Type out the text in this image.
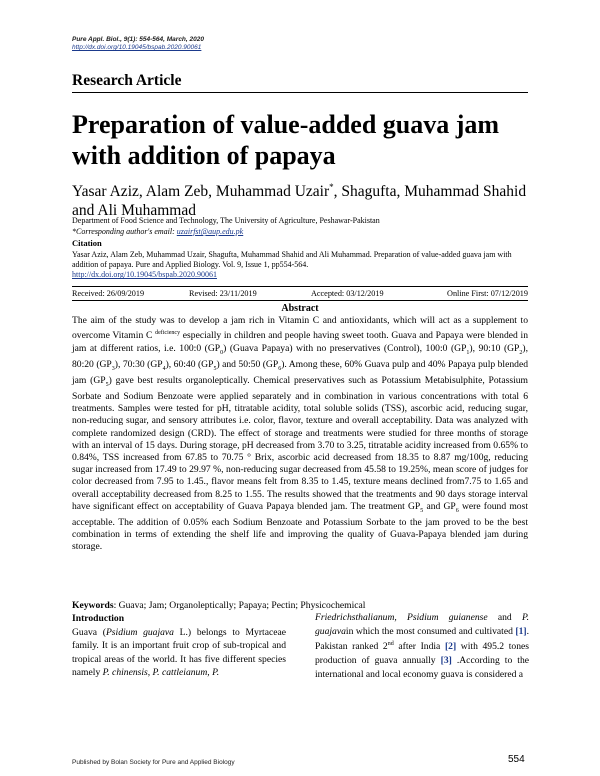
Pure Appl. Biol., 9(1): 554-564, March, 2020
http://dx.doi.org/10.19045/bspab.2020.90061
Research Article
Preparation of value-added guava jam with addition of papaya
Yasar Aziz, Alam Zeb, Muhammad Uzair*, Shagufta, Muhammad Shahid and Ali Muhammad
Department of Food Science and Technology, The University of Agriculture, Peshawar-Pakistan
*Corresponding author's email: uzairfst@aup.edu.pk
Citation
Yasar Aziz, Alam Zeb, Muhammad Uzair, Shagufta, Muhammad Shahid and Ali Muhammad. Preparation of value-added guava jam with addition of papaya. Pure and Applied Biology. Vol. 9, Issue 1, pp554-564.
http://dx.doi.org/10.19045/bspab.2020.90061
Received: 26/09/2019	Revised: 23/11/2019	Accepted: 03/12/2019	Online First: 07/12/2019
Abstract
The aim of the study was to develop a jam rich in Vitamin C and antioxidants, which will act as a supplement to overcome Vitamin C $^{deficiency}$ especially in children and people having sweet tooth. Guava and Papaya were blended in jam at different ratios, i.e. 100:0 $(GP_0)$ (Guava Papaya) with no preservatives (Control), 100:0 $(GP_1)$, 90:10 $(GP_2)$, 80:20 $(GP_3)$, 70:30 $(GP_4)$, 60:40 $(GP_5)$ and 50:50 $(GP_6)$. Among these, 60% Guava pulp and 40% Papaya pulp blended jam $(GP_5)$ gave best results organoleptically. Chemical preservatives such as Potassium Metabisulphite, Potassium Sorbate and Sodium Benzoate were applied separately and in combination in various concentrations with total 6 treatments. Samples were tested for pH, titratable acidity, total soluble solids (TSS), ascorbic acid, reducing sugar, non-reducing sugar, and sensory attributes i.e. color, flavor, texture and overall acceptability. Data was analyzed with complete randomized design (CRD). The effect of storage and treatments were studied for three months of storage with an interval of 15 days. During storage, pH decreased from 3.70 to 3.25, titratable acidity increased from 0.65% to 0.84%, TSS increased from 67.85 to 70.75 ° Brix, ascorbic acid decreased from 18.35 to 8.87 mg/100g, reducing sugar increased from 17.49 to 29.97 %, non-reducing sugar decreased from 45.58 to 19.25%, mean score of judges for color decreased from 7.95 to 1.45., flavor means felt from 8.35 to 1.45, texture means declined from7.75 to 1.65 and overall acceptability decreased from 8.25 to 1.55. The results showed that the treatments and 90 days storage interval have significant effect on acceptability of Guava Papaya blended jam. The treatment $GP_5$ and $GP_6$ were found most acceptable. The addition of 0.05% each Sodium Benzoate and Potassium Sorbate to the jam proved to be the best combination in terms of extending the shelf life and improving the quality of Guava-Papaya blended jam during storage.
Keywords: Guava; Jam; Organoleptically; Papaya; Pectin; Physicochemical
Introduction
Guava (Psidium guajava L.) belongs to Myrtaceae family. It is an important fruit crop of sub-tropical and tropical areas of the world. It has five different species namely P. chinensis, P. cattleianum, P.
Friedrichsthalianum, Psidium guianense and P. guajavain which the most consumed and cultivated [1]. Pakistan ranked 2nd after India [2] with 495.2 tones production of guava annually [3] .According to the international and local economy guava is considered a
Published by Bolan Society for Pure and Applied Biology	554
